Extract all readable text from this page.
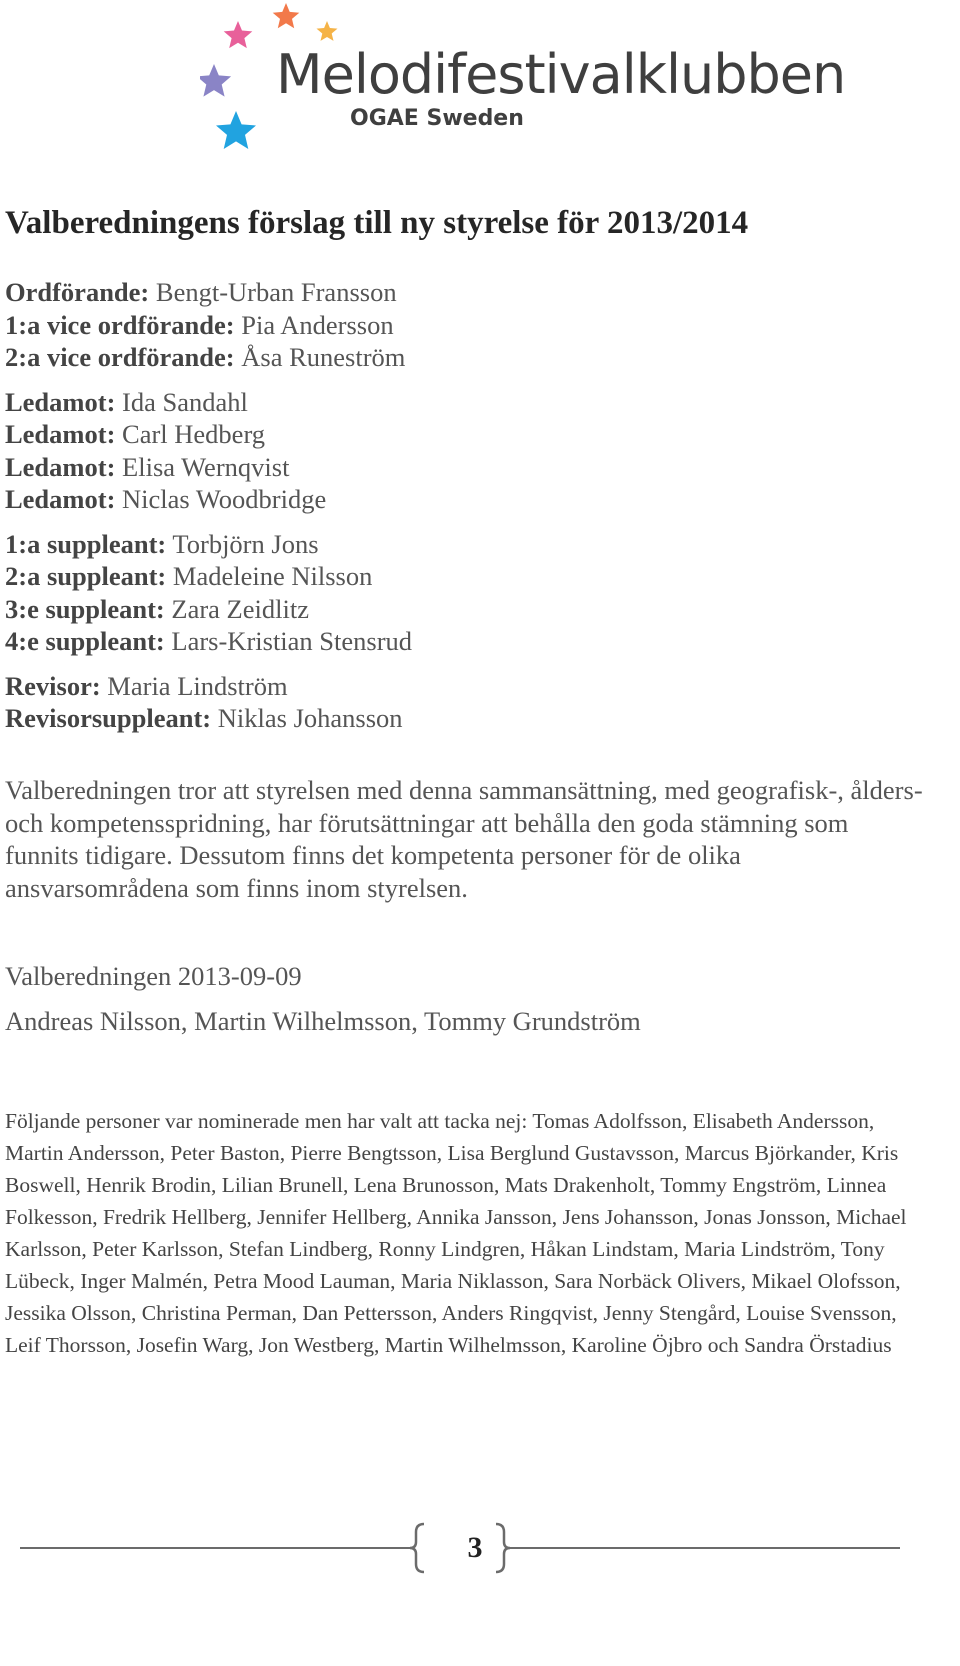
Melodifestivalklubben
OGAE Sweden
Valberedningens förslag till ny styrelse för 2013/2014
Ordförande: Bengt-Urban Fransson
1:a vice ordförande: Pia Andersson
2:a vice ordförande: Åsa Runeström
Ledamot: Ida Sandahl
Ledamot: Carl Hedberg
Ledamot: Elisa Wernqvist
Ledamot: Niclas Woodbridge
1:a suppleant: Torbjörn Jons
2:a suppleant: Madeleine Nilsson
3:e suppleant: Zara Zeidlitz
4:e suppleant: Lars-Kristian Stensrud
Revisor: Maria Lindström
Revisorsuppleant: Niklas Johansson

Valberedningen tror att styrelsen med denna sammansättning, med geografisk-, ålders- och kompetensspridning, har förutsättningar att behålla den goda stämning som funnits tidigare. Dessutom finns det kompetenta personer för de olika ansvarsområdena som finns inom styrelsen.

Valberedningen 2013-09-09

Andreas Nilsson, Martin Wilhelmsson, Tommy Grundström

Följande personer var nominerade men har valt att tacka nej: Tomas Adolfsson, Elisabeth Andersson, Martin Andersson, Peter Baston, Pierre Bengtsson, Lisa Berglund Gustavsson, Marcus Björkander, Kris Boswell, Henrik Brodin, Lilian Brunell, Lena Brunosson, Mats Drakenholt, Tommy Engström, Linnea Folkesson, Fredrik Hellberg, Jennifer Hellberg, Annika Jansson, Jens Johansson, Jonas Jonsson, Michael Karlsson, Peter Karlsson, Stefan Lindberg, Ronny Lindgren, Håkan Lindstam, Maria Lindström, Tony Lübeck, Inger Malmén, Petra Mood Lauman, Maria Niklasson, Sara Norbäck Olivers, Mikael Olofsson, Jessika Olsson, Christina Perman, Dan Pettersson, Anders Ringqvist, Jenny Stengård, Louise Svensson, Leif Thorsson, Josefin Warg, Jon Westberg, Martin Wilhelmsson, Karoline Öjbro och Sandra Örstadius

3
